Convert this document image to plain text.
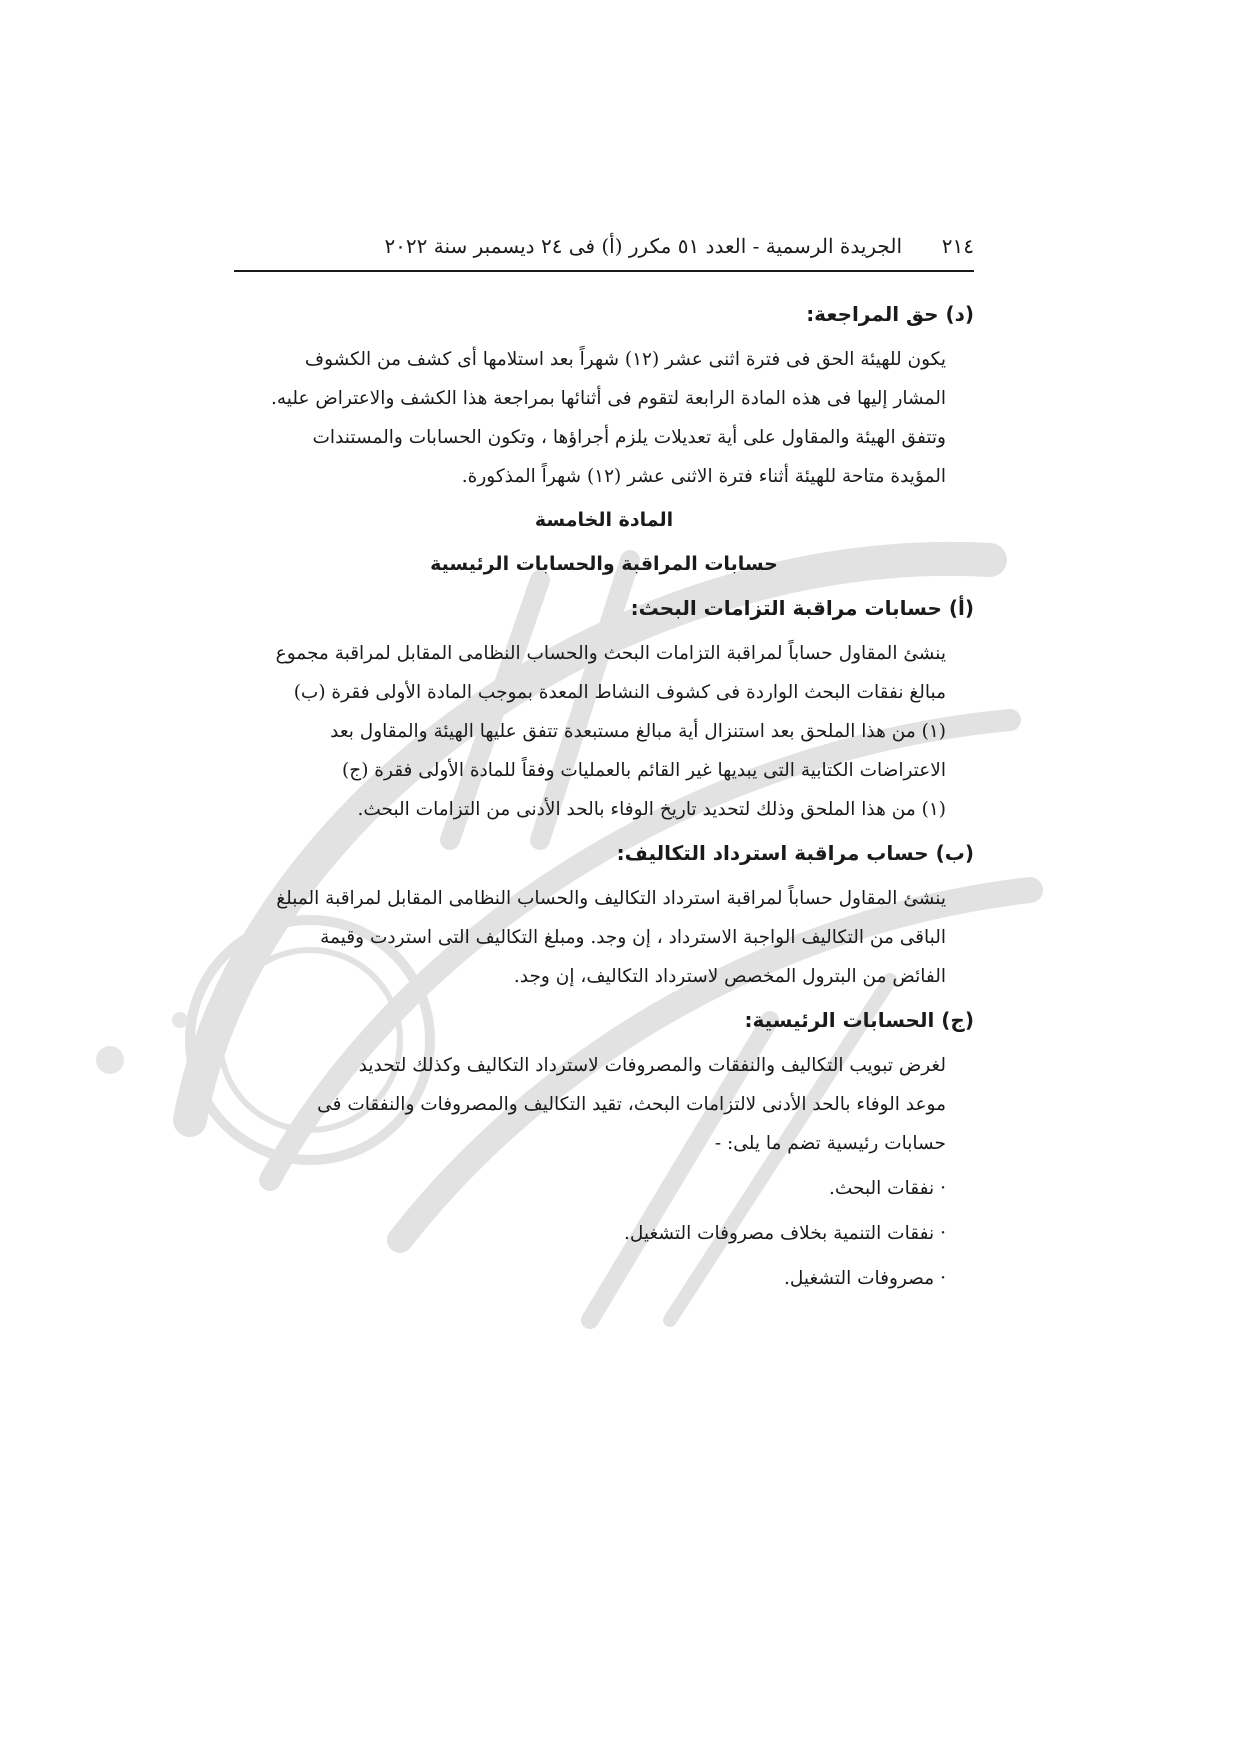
٢١٤
الجريدة الرسمية - العدد ٥١ مكرر (أ) فى ٢٤ ديسمبر سنة ٢٠٢٢
(د) حق المراجعة:

يكون للهيئة الحق فى فترة اثنى عشر (١٢) شهراً بعد استلامها أى كشف من الكشوف
المشار إليها فى هذه المادة الرابعة لتقوم فى أثنائها بمراجعة هذا الكشف والاعتراض عليه.
وتتفق الهيئة والمقاول على أية تعديلات يلزم أجراؤها ، وتكون الحسابات والمستندات
المؤيدة متاحة للهيئة أثناء فترة الاثنى عشر (١٢) شهراً المذكورة.

المادة الخامسة
حسابات المراقبة والحسابات الرئيسية
(أ) حسابات مراقبة التزامات البحث:

ينشئ المقاول حساباً لمراقبة التزامات البحث والحساب النظامى المقابل لمراقبة مجموع
مبالغ نفقات البحث الواردة فى كشوف النشاط المعدة بموجب المادة الأولى فقرة (ب)
(١) من هذا الملحق بعد استنزال أية مبالغ مستبعدة تتفق عليها الهيئة والمقاول بعد
الاعتراضات الكتابية التى يبديها غير القائم بالعمليات وفقاً للمادة الأولى فقرة (ج)
(١) من هذا الملحق وذلك لتحديد تاريخ الوفاء بالحد الأدنى من التزامات البحث.

(ب) حساب مراقبة استرداد التكاليف:

ينشئ المقاول حساباً لمراقبة استرداد التكاليف والحساب النظامى المقابل لمراقبة المبلغ
الباقى من التكاليف الواجبة الاسترداد ، إن وجد. ومبلغ التكاليف التى استردت وقيمة
الفائض من البترول المخصص لاسترداد التكاليف، إن وجد.

(ج) الحسابات الرئيسية:

لغرض تبويب التكاليف والنفقات والمصروفات لاسترداد التكاليف وكذلك لتحديد
موعد الوفاء بالحد الأدنى لالتزامات البحث، تقيد التكاليف والمصروفات والنفقات فى
حسابات رئيسية تضم ما يلى: -

·نفقات البحث.
·نفقات التنمية بخلاف مصروفات التشغيل.
·مصروفات التشغيل.
